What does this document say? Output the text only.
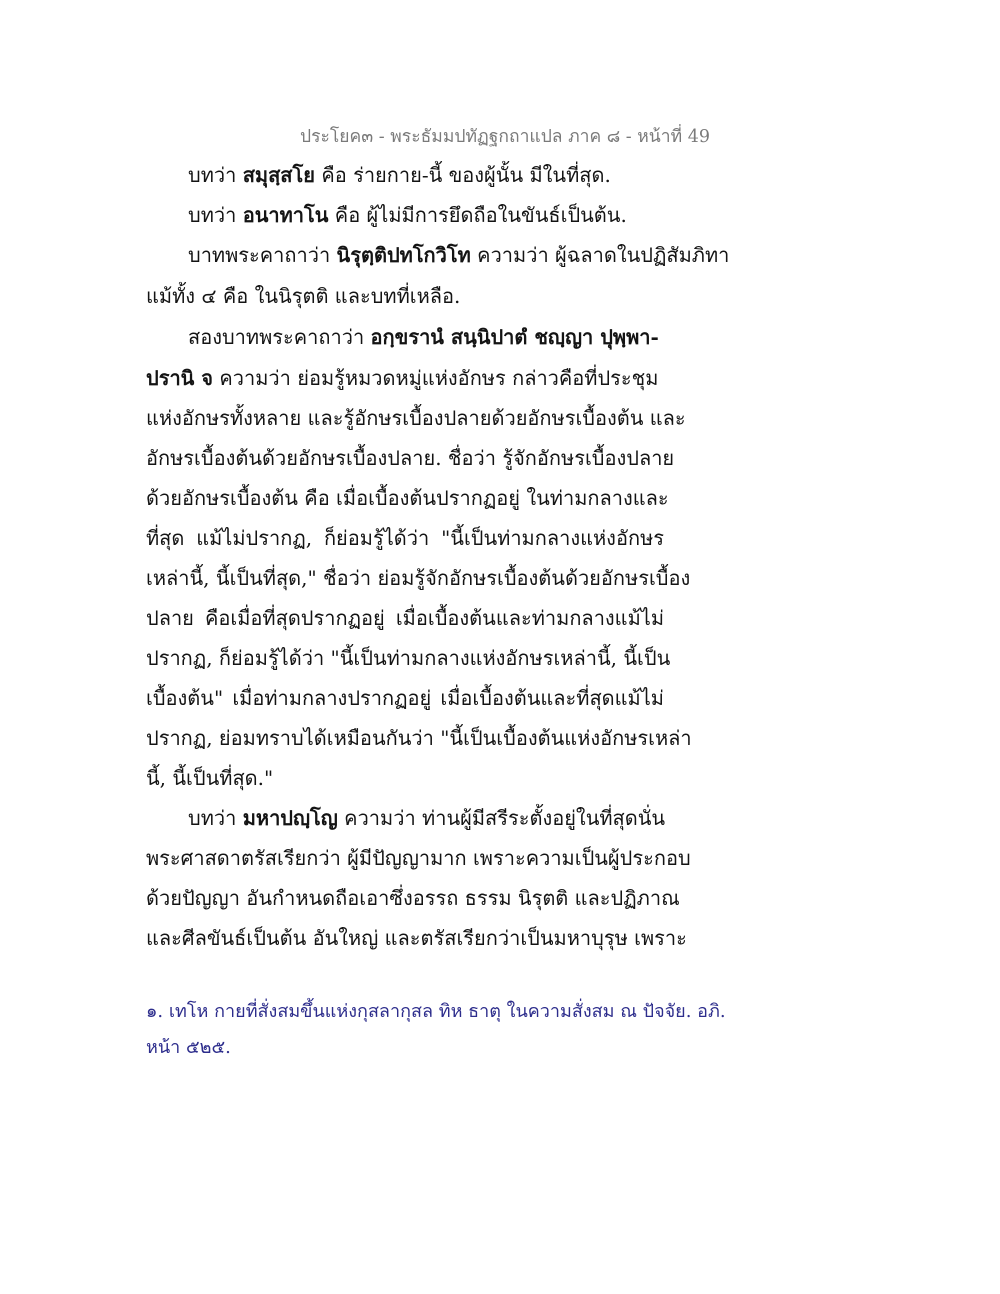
ประโยค๓ - พระธัมมปทัฏฐกถาแปล ภาค ๘ - หน้าที่ 49
บทว่า สมุสฺสโย คือ ร่ายกาย-นี้ ของผู้นั้น มีในที่สุด.
บทว่า อนาทาโน คือ ผู้ไม่มีการยึดถือในขันธ์เป็นต้น.
บาทพระคาถาว่า นิรุตฺติปทโกวิโท ความว่า ผู้ฉลาดในปฏิสัมภิทา
แม้ทั้ง ๔ คือ ในนิรุตติ และบทที่เหลือ.
สองบาทพระคาถาว่า อกฺขรานํ สนฺนิปาตํ ชญฺญา ปุพฺพา-
ปรานิ จ ความว่า ย่อมรู้หมวดหมู่แห่งอักษร กล่าวคือที่ประชุม
แห่งอักษรทั้งหลาย และรู้อักษรเบื้องปลายด้วยอักษรเบื้องต้น และ
อักษรเบื้องต้นด้วยอักษรเบื้องปลาย. ชื่อว่า รู้จักอักษรเบื้องปลาย
ด้วยอักษรเบื้องต้น คือ เมื่อเบื้องต้นปรากฏอยู่ ในท่ามกลางและ
ที่สุด แม้ไม่ปรากฏ, ก็ย่อมรู้ได้ว่า "นี้เป็นท่ามกลางแห่งอักษร
เหล่านี้, นี้เป็นที่สุด," ชื่อว่า ย่อมรู้จักอักษรเบื้องต้นด้วยอักษรเบื้อง
ปลาย คือเมื่อที่สุดปรากฏอยู่ เมื่อเบื้องต้นและท่ามกลางแม้ไม่
ปรากฏ, ก็ย่อมรู้ได้ว่า "นี้เป็นท่ามกลางแห่งอักษรเหล่านี้, นี้เป็น
เบื้องต้น" เมื่อท่ามกลางปรากฏอยู่ เมื่อเบื้องต้นและที่สุดแม้ไม่
ปรากฏ, ย่อมทราบได้เหมือนกันว่า "นี้เป็นเบื้องต้นแห่งอักษรเหล่า
นี้, นี้เป็นที่สุด."
บทว่า มหาปญฺโญ ความว่า ท่านผู้มีสรีระตั้งอยู่ในที่สุดนั่น
พระศาสดาตรัสเรียกว่า ผู้มีปัญญามาก เพราะความเป็นผู้ประกอบ
ด้วยปัญญา อันกำหนดถือเอาซึ่งอรรถ ธรรม นิรุตติ และปฏิภาณ
และศีลขันธ์เป็นต้น อันใหญ่ และตรัสเรียกว่าเป็นมหาบุรุษ เพราะ
๑. เทโห กายที่สั่งสมขึ้นแห่งกุสลากุสล ทิห ธาตุ ในความสั่งสม ณ ปัจจัย. อภิ.
หน้า ๕๒๕.
